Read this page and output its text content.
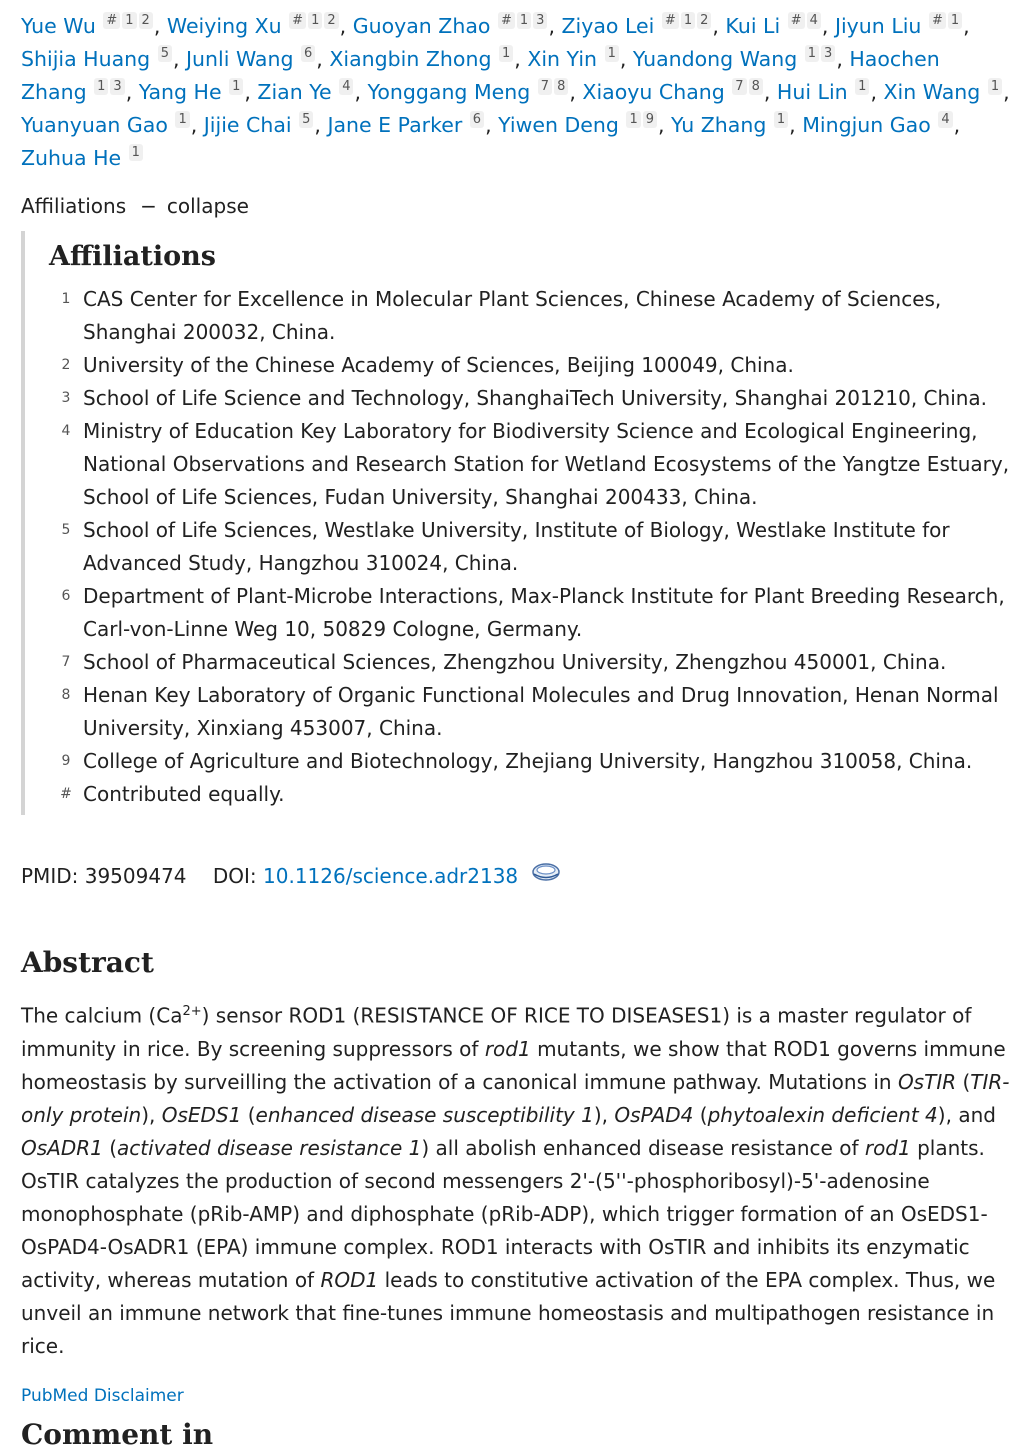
Yue Wu # 1 2 , Weiying Xu # 1 2 , Guoyan Zhao # 1 3 , Ziyao Lei # 1 2 , Kui Li # 4 , Jiyun Liu # 1 , Shijia Huang 5 , Junli Wang 6 , Xiangbin Zhong 1 , Xin Yin 1 , Yuandong Wang 1 3 , Haochen Zhang 1 3 , Yang He 1 , Zian Ye 4 , Yonggang Meng 7 8 , Xiaoyu Chang 7 8 , Hui Lin 1 , Xin Wang 1 , Yuanyuan Gao 1 , Jijie Chai 5 , Jane E Parker 6 , Yiwen Deng 1 9 , Yu Zhang 1 , Mingjun Gao 4 , Zuhua He 1
Affiliations − collapse
Affiliations
1 CAS Center for Excellence in Molecular Plant Sciences, Chinese Academy of Sciences, Shanghai 200032, China.
2 University of the Chinese Academy of Sciences, Beijing 100049, China.
3 School of Life Science and Technology, ShanghaiTech University, Shanghai 201210, China.
4 Ministry of Education Key Laboratory for Biodiversity Science and Ecological Engineering, National Observations and Research Station for Wetland Ecosystems of the Yangtze Estuary, School of Life Sciences, Fudan University, Shanghai 200433, China.
5 School of Life Sciences, Westlake University, Institute of Biology, Westlake Institute for Advanced Study, Hangzhou 310024, China.
6 Department of Plant-Microbe Interactions, Max-Planck Institute for Plant Breeding Research, Carl-von-Linne Weg 10, 50829 Cologne, Germany.
7 School of Pharmaceutical Sciences, Zhengzhou University, Zhengzhou 450001, China.
8 Henan Key Laboratory of Organic Functional Molecules and Drug Innovation, Henan Normal University, Xinxiang 453007, China.
9 College of Agriculture and Biotechnology, Zhejiang University, Hangzhou 310058, China.
# Contributed equally.
PMID: 39509474 DOI: 10.1126/science.adr2138
Abstract
The calcium $(Ca^{2+})$ sensor ROD1 (RESISTANCE OF RICE TO DISEASES1) is a master regulator of immunity in rice. By screening suppressors of rod1 mutants, we show that ROD1 governs immune homeostasis by surveilling the activation of a canonical immune pathway. Mutations in OsTIR (TIR-only protein), OsEDS1 (enhanced disease susceptibility 1), OsPAD4 (phytoalexin deficient 4), and OsADR1 (activated disease resistance 1) all abolish enhanced disease resistance of rod1 plants. OsTIR catalyzes the production of second messengers 2'-(5''-phosphoribosyl)-5'-adenosine monophosphate (pRib-AMP) and diphosphate (pRib-ADP), which trigger formation of an OsEDS1-OsPAD4-OsADR1 (EPA) immune complex. ROD1 interacts with OsTIR and inhibits its enzymatic activity, whereas mutation of ROD1 leads to constitutive activation of the EPA complex. Thus, we unveil an immune network that fine-tunes immune homeostasis and multipathogen resistance in rice.
PubMed Disclaimer
Comment in
